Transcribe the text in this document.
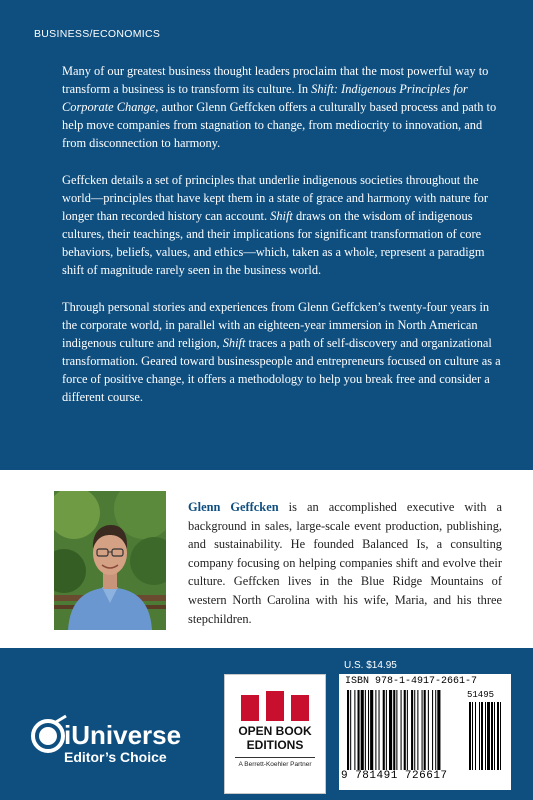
BUSINESS/ECONOMICS

Many of our greatest business thought leaders proclaim that the most powerful way to transform a business is to transform its culture. In Shift: Indigenous Principles for Corporate Change, author Glenn Geffcken offers a culturally based process and path to help move companies from stagnation to change, from mediocrity to innovation, and from disconnection to harmony.

Geffcken details a set of principles that underlie indigenous societies throughout the world—principles that have kept them in a state of grace and harmony with nature for longer than recorded history can account. Shift draws on the wisdom of indigenous cultures, their teachings, and their implications for significant transformation of core behaviors, beliefs, values, and ethics—which, taken as a whole, represent a paradigm shift of magnitude rarely seen in the business world.

Through personal stories and experiences from Glenn Geffcken’s twenty-four years in the corporate world, in parallel with an eighteen-year immersion in North American indigenous culture and religion, Shift traces a path of self-discovery and organizational transformation. Geared toward businesspeople and entrepreneurs focused on culture as a force of positive change, it offers a methodology to help you break free and consider a different course.

Glenn Geffcken is an accomplished executive with a background in sales, large-scale event production, publishing, and sustainability. He founded Balanced Is, a consulting company focusing on helping companies shift and evolve their culture. Geffcken lives in the Blue Ridge Mountains of western North Carolina with his wife, Maria, and his three stepchildren.
iUniverse
Editor’s Choice
OPEN BOOK
EDITIONS
A Berrett-Koehler Partner
U.S. $14.95
ISBN 978-1-4917-2661-7
51495
9 781491 726617
